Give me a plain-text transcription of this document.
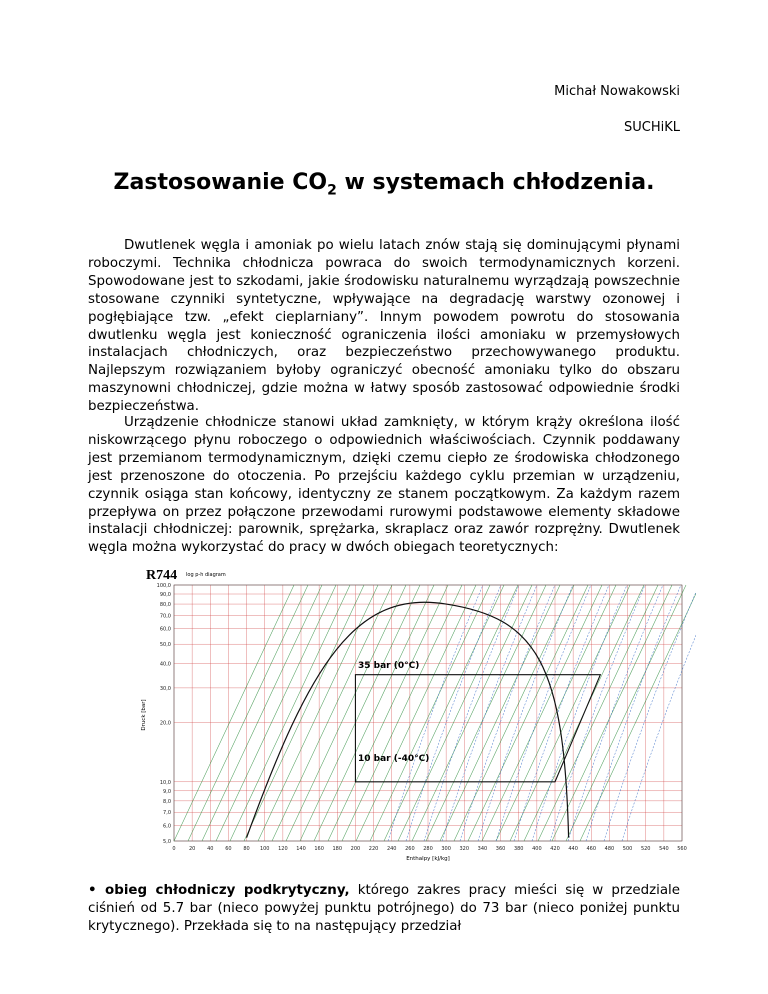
Michał Nowakowski
SUCHiKL
Zastosowanie $CO_2$ w systemach chłodzenia.

Dwutlenek węgla i amoniak po wielu latach znów stają się dominującymi płynami roboczymi. Technika chłodnicza powraca do swoich termodynamicznych korzeni. Spowodowane jest to szkodami, jakie środowisku naturalnemu wyrządzają powszechnie stosowane czynniki syntetyczne, wpływające na degradację warstwy ozonowej i pogłębiające tzw. „efekt cieplarniany”. Innym powodem powrotu do stosowania dwutlenku węgla jest konieczność ograniczenia ilości amoniaku w przemysłowych instalacjach chłodniczych, oraz bezpieczeństwo przechowywanego produktu. Najlepszym rozwiązaniem byłoby ograniczyć obecność amoniaku tylko do obszaru maszynowni chłodniczej, gdzie można w łatwy sposób zastosować odpowiednie środki bezpieczeństwa.

Urządzenie chłodnicze stanowi układ zamknięty, w którym krąży określona ilość niskowrzącego płynu roboczego o odpowiednich właściwościach. Czynnik poddawany jest przemianom termodynamicznym, dzięki czemu ciepło ze środowiska chłodzonego jest przenoszone do otoczenia. Po przejściu każdego cyklu przemian w urządzeniu, czynnik osiąga stan końcowy, identyczny ze stanem początkowym. Za każdym razem przepływa on przez połączone przewodami rurowymi podstawowe elementy składowe instalacji chłodniczej: parownik, sprężarka, skraplacz oraz zawór rozprężny. Dwutlenek węgla można wykorzystać do pracy w dwóch obiegach teoretycznych:

0	20 40 60 80 100 120 140 160 180 200 220 240 260 280 300 320 340 360 380 400 420 440 460 480 500 520 540 560
100,0
90,0
80,0
70,0
60,0
50,0
40,0
30,0
20,0
10,0
9,0
8,0
7,0
6,0
5,0
R744 log p-h diagram
Enthalpy [kJ/kg]
Druck [bar]
35 bar (0°C)
10 bar (-40°C)

• obieg chłodniczy podkrytyczny, którego zakres pracy mieści się w przedziale ciśnień od 5.7 bar (nieco powyżej punktu potrójnego) do 73 bar (nieco poniżej punktu krytycznego). Przekłada się to na następujący przedział
